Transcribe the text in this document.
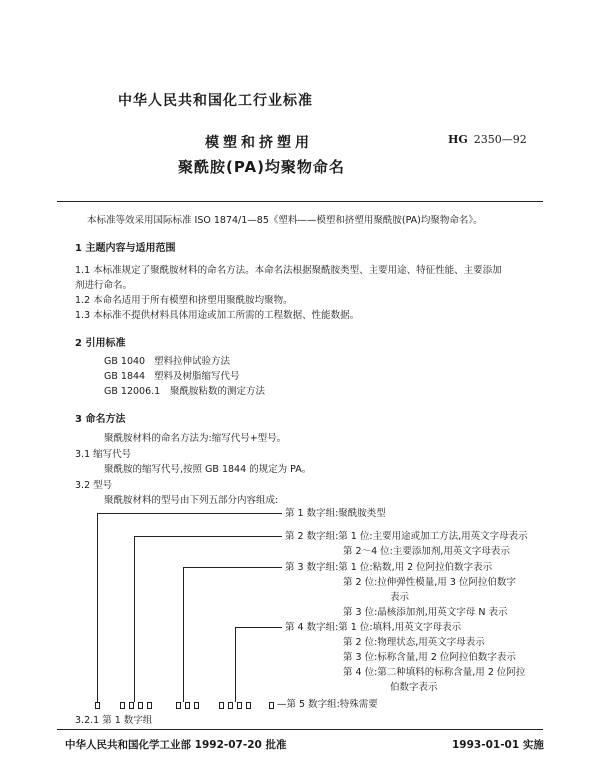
中华人民共和国化工行业标准
模塑和挤塑用
聚酰胺(PA)均聚物命名
HG 2350—92
本标准等效采用国际标准 ISO 1874/1—85《塑料——模塑和挤塑用聚酰胺(PA)均聚物命名》。
1 主题内容与适用范围
1.1 本标准规定了聚酰胺材料的命名方法。本命名法根据聚酰胺类型、主要用途、特征性能、主要添加
剂进行命名。
1.2 本命名适用于所有模塑和挤塑用聚酰胺均聚物。
1.3 本标准不提供材料具体用途或加工所需的工程数据、性能数据。
2 引用标准
GB 1040 塑料拉伸试验方法
GB 1844 塑料及树脂缩写代号
GB 12006.1 聚酰胺粘数的测定方法
3 命名方法
聚酰胺材料的命名方法为:缩写代号+型号。
3.1 缩写代号
聚酰胺的缩写代号,按照 GB 1844 的规定为 PA。
3.2 型号
聚酰胺材料的型号由下列五部分内容组成:
第 1 数字组:聚酰胺类型
第 2 数字组:第 1 位:主要用途或加工方法,用英文字母表示
第 2～4 位:主要添加剂,用英文字母表示
第 3 数字组:第 1 位:粘数,用 2 位阿拉伯数字表示
第 2 位:拉伸弹性模量,用 3 位阿拉伯数字
表示
第 3 位:晶核添加剂,用英文字母 N 表示
第 4 数字组:第 1 位:填料,用英文字母表示
第 2 位:物理状态,用英文字母表示
第 3 位:标称含量,用 2 位阿拉伯数字表示
第 4 位:第二种填料的标称含量,用 2 位阿拉
伯数字表示
—第 5 数字组:特殊需要
3.2.1 第 1 数字组
中华人民共和国化学工业部 1992-07-20 批准	1993-01-01 实施
